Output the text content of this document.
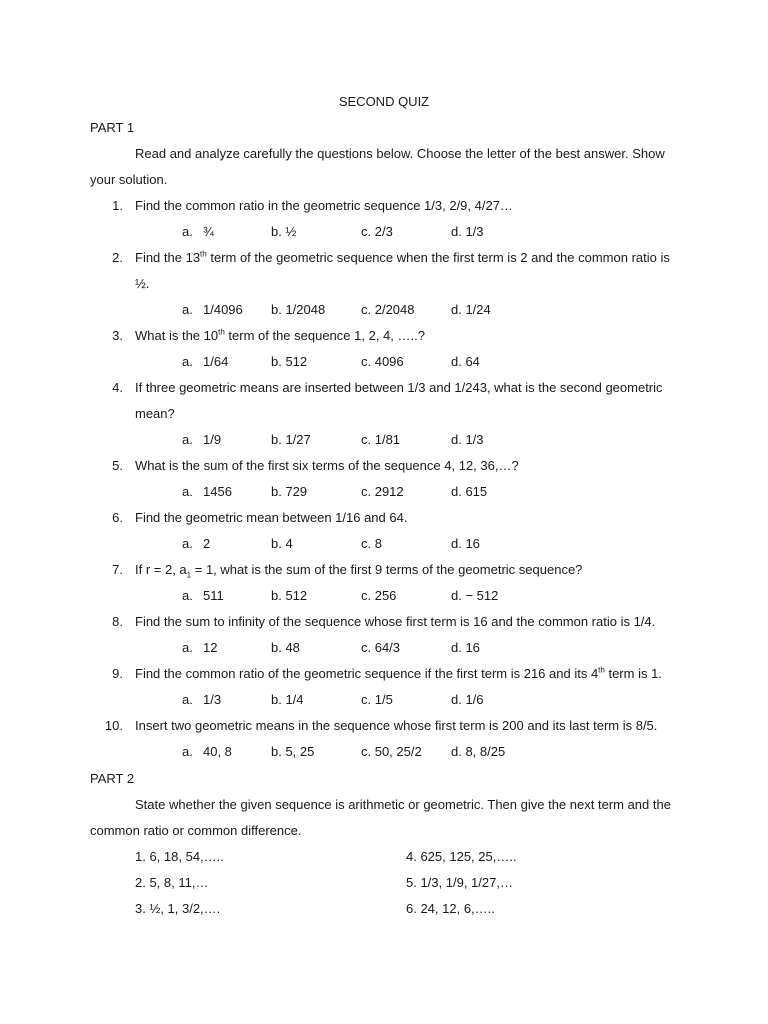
SECOND QUIZ
PART 1
Read and analyze carefully the questions below. Choose the letter of the best answer. Show
your solution.
1. Find the common ratio in the geometric sequence 1/3, 2/9, 4/27…
a. ¾	b. ½	c. 2/3	d. 1/3
2. Find the 13th term of the geometric sequence when the first term is 2 and the common ratio is
½.
a. 1/4096 b. 1/2048	c. 2/2048	d. 1/24
3. What is the 10th term of the sequence 1, 2, 4, …..?
a. 1/64	b. 512	c. 4096	d. 64
4. If three geometric means are inserted between 1/3 and 1/243, what is the second geometric
mean?
a. 1/9	b. 1/27	c. 1/81	d. 1/3
5. What is the sum of the first six terms of the sequence 4, 12, 36,…?
a. 1456	b. 729	c. 2912	d. 615
6. Find the geometric mean between 1/16 and 64.
a. 2	b. 4	c. 8	d. 16
7. If r = 2, $a_1 = 1$, what is the sum of the first 9 terms of the geometric sequence?
a. 511	b. 512	c. 256	d. − 512
8. Find the sum to infinity of the sequence whose first term is 16 and the common ratio is 1/4.
a. 12	b. 48	c. 64/3	d. 16
9. Find the common ratio of the geometric sequence if the first term is 216 and its 4th term is 1.
a. 1/3	b. 1/4	c. 1/5	d. 1/6
10. Insert two geometric means in the sequence whose first term is 200 and its last term is 8/5.
a. 40, 8	b. 5, 25	c. 50, 25/2 d. 8, 8/25
PART 2
State whether the given sequence is arithmetic or geometric. Then give the next term and the
common ratio or common difference.
1. 6, 18, 54,…..
2. 5, 8, 11,…
3. ½, 1, 3/2,….
4. 625, 125, 25,…..
5. 1/3, 1/9, 1/27,…
6. 24, 12, 6,…..
